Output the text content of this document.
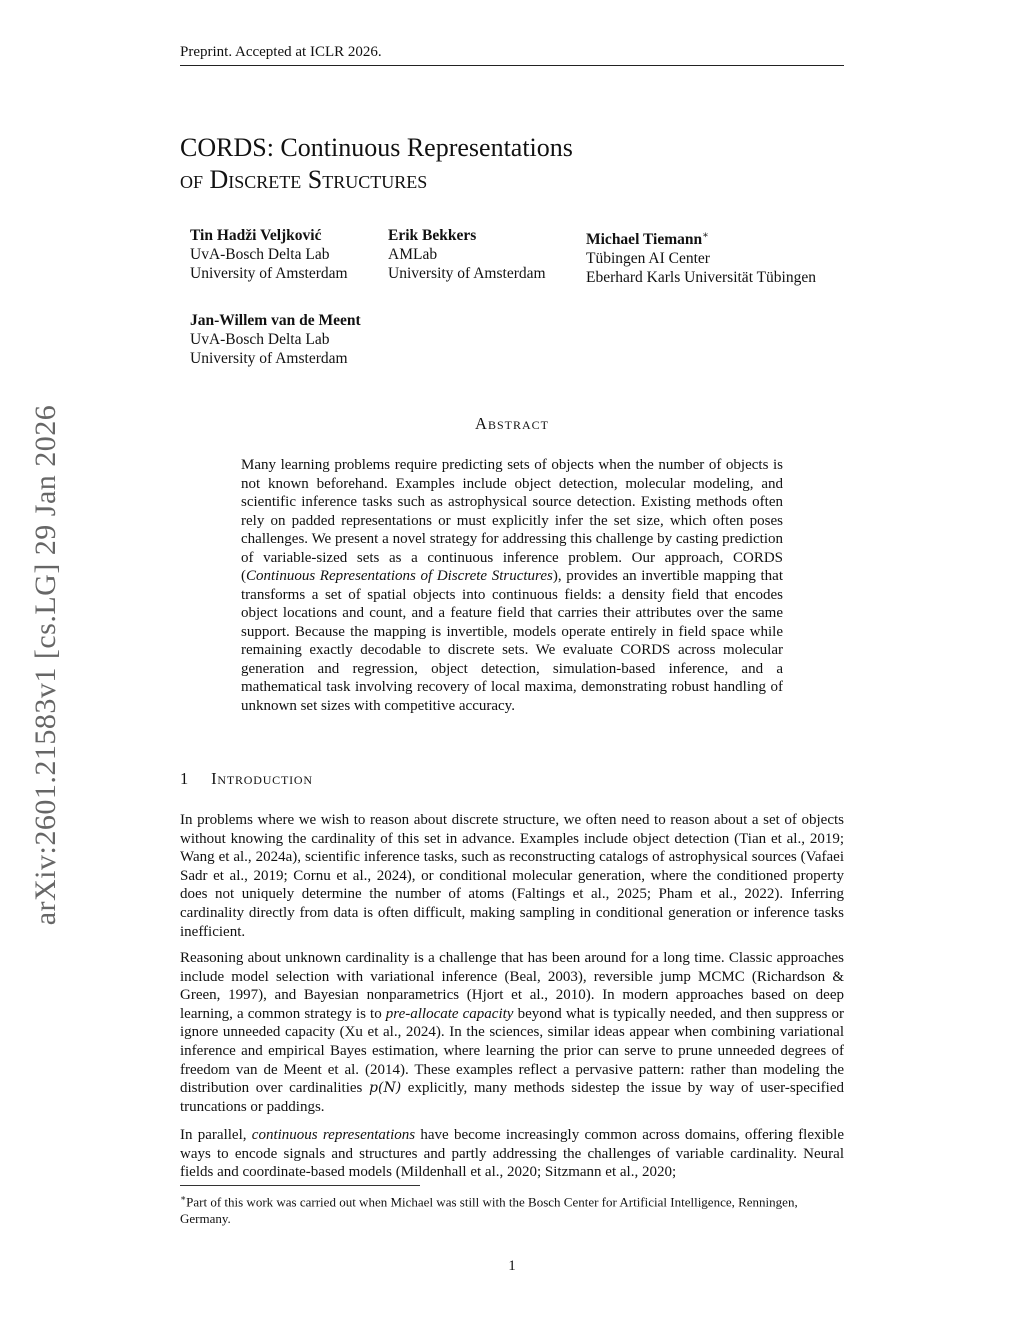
arXiv:2601.21583v1 [cs.LG] 29 Jan 2026
Preprint. Accepted at ICLR 2026.
CORDS: Continuous Representations
of Discrete Structures
Tin Hadži Veljković
UvA-Bosch Delta Lab
University of Amsterdam
Erik Bekkers
AMLab
University of Amsterdam
Michael Tiemann∗
Tübingen AI Center
Eberhard Karls Universität Tübingen
Jan-Willem van de Meent
UvA-Bosch Delta Lab
University of Amsterdam
Abstract
Many learning problems require predicting sets of objects when the number of objects is not known beforehand. Examples include object detection, molecular modeling, and scientific inference tasks such as astrophysical source detection. Existing methods often rely on padded representations or must explicitly infer the set size, which often poses challenges. We present a novel strategy for addressing this challenge by casting prediction of variable-sized sets as a continuous inference problem. Our approach, CORDS (Continuous Representations of Discrete Structures), provides an invertible mapping that transforms a set of spatial objects into continuous fields: a density field that encodes object locations and count, and a feature field that carries their attributes over the same support. Because the mapping is invertible, models operate entirely in field space while remaining exactly decodable to discrete sets. We evaluate CORDS across molecular generation and regression, object detection, simulation-based inference, and a mathematical task involving recovery of local maxima, demonstrating robust handling of unknown set sizes with competitive accuracy.
1 Introduction
In problems where we wish to reason about discrete structure, we often need to reason about a set of objects without knowing the cardinality of this set in advance. Examples include object detection (Tian et al., 2019; Wang et al., 2024a), scientific inference tasks, such as reconstructing catalogs of astrophysical sources (Vafaei Sadr et al., 2019; Cornu et al., 2024), or conditional molecular generation, where the conditioned property does not uniquely determine the number of atoms (Faltings et al., 2025; Pham et al., 2022). Inferring cardinality directly from data is often difficult, making sampling in conditional generation or inference tasks inefficient.
Reasoning about unknown cardinality is a challenge that has been around for a long time. Classic approaches include model selection with variational inference (Beal, 2003), reversible jump MCMC (Richardson & Green, 1997), and Bayesian nonparametrics (Hjort et al., 2010). In modern approaches based on deep learning, a common strategy is to pre-allocate capacity beyond what is typically needed, and then suppress or ignore unneeded capacity (Xu et al., 2024). In the sciences, similar ideas appear when combining variational inference and empirical Bayes estimation, where learning the prior can serve to prune unneeded degrees of freedom van de Meent et al. (2014). These examples reflect a pervasive pattern: rather than modeling the distribution over cardinalities p(N) explicitly, many methods sidestep the issue by way of user-specified truncations or paddings.
In parallel, continuous representations have become increasingly common across domains, offering flexible ways to encode signals and structures and partly addressing the challenges of variable cardinality. Neural fields and coordinate-based models (Mildenhall et al., 2020; Sitzmann et al., 2020;
∗Part of this work was carried out when Michael was still with the Bosch Center for Artificial Intelligence, Renningen, Germany.
1
